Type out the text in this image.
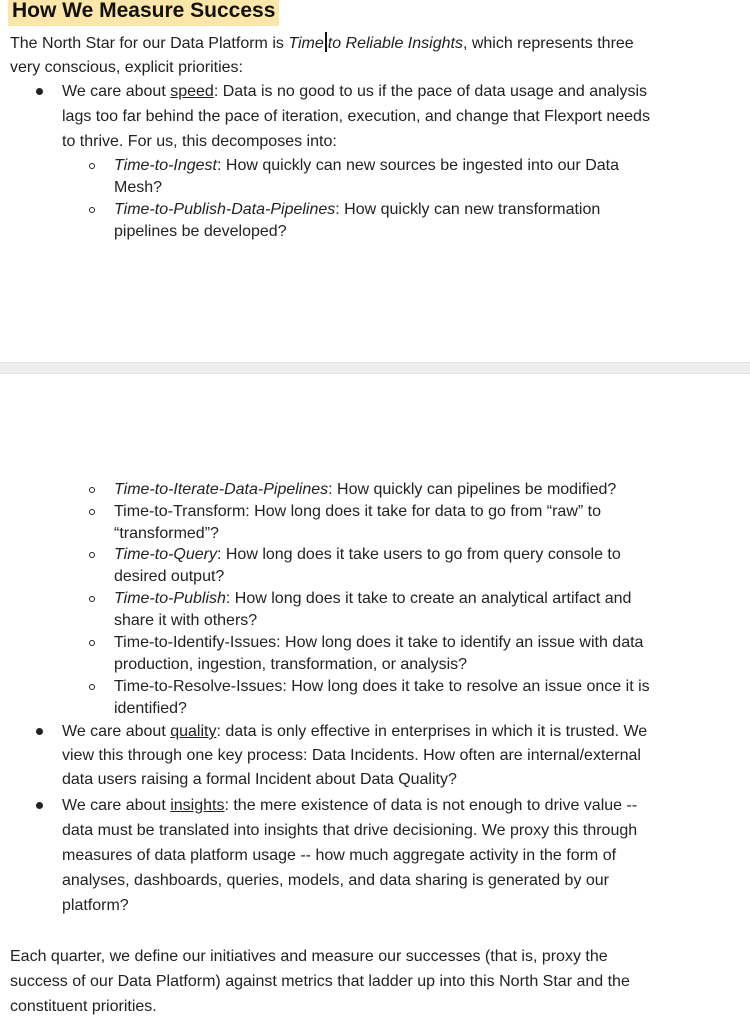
How We Measure Success
The North Star for our Data Platform is Time to Reliable Insights, which represents three
very conscious, explicit priorities:
We care about speed: Data is no good to us if the pace of data usage and analysis
lags too far behind the pace of iteration, execution, and change that Flexport needs
to thrive. For us, this decomposes into:
Time-to-Ingest: How quickly can new sources be ingested into our Data
Mesh?
Time-to-Publish-Data-Pipelines: How quickly can new transformation
pipelines be developed?
Time-to-Iterate-Data-Pipelines: How quickly can pipelines be modified?
Time-to-Transform: How long does it take for data to go from “raw” to
“transformed”?
Time-to-Query: How long does it take users to go from query console to
desired output?
Time-to-Publish: How long does it take to create an analytical artifact and
share it with others?
Time-to-Identify-Issues: How long does it take to identify an issue with data
production, ingestion, transformation, or analysis?
Time-to-Resolve-Issues: How long does it take to resolve an issue once it is
identified?
We care about quality: data is only effective in enterprises in which it is trusted. We
view this through one key process: Data Incidents. How often are internal/external
data users raising a formal Incident about Data Quality?
We care about insights: the mere existence of data is not enough to drive value --
data must be translated into insights that drive decisioning. We proxy this through
measures of data platform usage -- how much aggregate activity in the form of
analyses, dashboards, queries, models, and data sharing is generated by our
platform?
Each quarter, we define our initiatives and measure our successes (that is, proxy the
success of our Data Platform) against metrics that ladder up into this North Star and the
constituent priorities.
